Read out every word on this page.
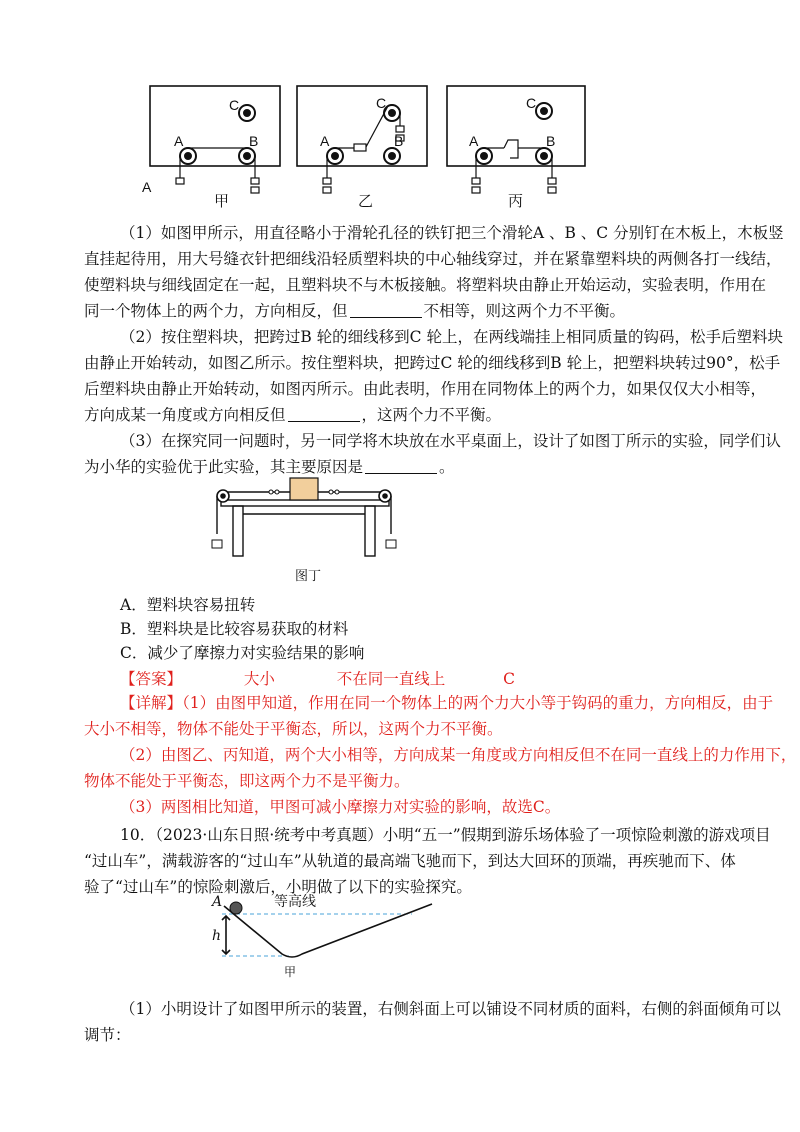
A	B
C
A	B
C
A	B
C
A
甲	乙	丙
（1）如图甲所示，用直径略小于滑轮孔径的铁钉把三个滑轮A 、B 、C 分别钉在木板上，木板竖
直挂起待用，用大号缝衣针把细线沿轻质塑料块的中心轴线穿过，并在紧靠塑料块的两侧各打一线结，
使塑料块与细线固定在一起，且塑料块不与木板接触。将塑料块由静止开始运动，实验表明，作用在
同一个物体上的两个力，方向相反，但	不相等，则这两个力不平衡。
（2）按住塑料块，把跨过B 轮的细线移到C 轮上，在两线端挂上相同质量的钩码，松手后塑料块
由静止开始转动，如图乙所示。按住塑料块，把跨过C 轮的细线移到B 轮上，把塑料块转过90°，松手
后塑料块由静止开始转动，如图丙所示。由此表明，作用在同物体上的两个力，如果仅仅大小相等，
方向成某一角度或方向相反但	，这两个力不平衡。
（3）在探究同一问题时，另一同学将木块放在水平桌面上，设计了如图丁所示的实验，同学们认
为小华的实验优于此实验，其主要原因是	。
图丁
A．塑料块容易扭转
B．塑料块是比较容易获取的材料
C．减少了摩擦力对实验结果的影响
【答案】	大小	不在同一直线上	C
【详解】（1）由图甲知道，作用在同一个物体上的两个力大小等于钩码的重力，方向相反，由于
大小不相等，物体不能处于平衡态，所以，这两个力不平衡。
（2）由图乙、丙知道，两个大小相等，方向成某一角度或方向相反但不在同一直线上的力作用下，
物体不能处于平衡态，即这两个力不是平衡力。
（3）两图相比知道，甲图可减小摩擦力对实验的影响，故选C。
10．（2023·山东日照·统考中考真题）小明“五一”假期到游乐场体验了一项惊险刺激的游戏项目
“过山车”，满载游客的“过山车”从轨道的最高端飞驰而下，到达大回环的顶端，再疾驰而下、体
验了“过山车”的惊险刺激后，小明做了以下的实验探究。
A
h
等高线
甲
（1）小明设计了如图甲所示的装置，右侧斜面上可以铺设不同材质的面料，右侧的斜面倾角可以
调节：
